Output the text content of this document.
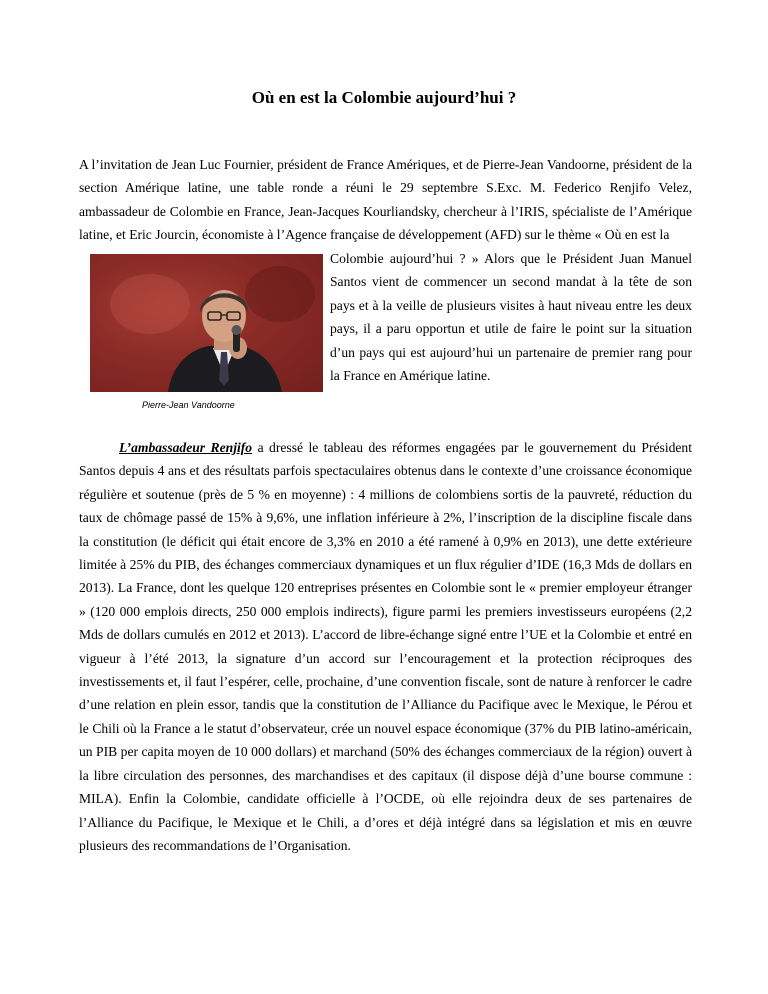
Où en est la Colombie aujourd’hui ?

A l’invitation de Jean Luc Fournier, président de France Amériques, et de Pierre-Jean Vandoorne, président de la section Amérique latine, une table ronde a réuni le 29 septembre S.Exc. M. Federico Renjifo Velez, ambassadeur de Colombie en France, Jean-Jacques Kourliandsky, chercheur à l’IRIS, spécialiste de l’Amérique latine, et Eric Jourcin, économiste à l’Agence française de développement (AFD) sur le thème « Où en est la

Colombie aujourd’hui ? » Alors que le Président Juan Manuel Santos vient de commencer un second mandat à la tête de son pays et à la veille de plusieurs visites à haut niveau entre les deux pays, il a paru opportun et utile de faire le point sur la situation d’un pays qui est aujourd’hui un partenaire de premier rang pour la France en Amérique latine.

Pierre-Jean Vandoorne

L’ambassadeur Renjifo a dressé le tableau des réformes engagées par le gouvernement du Président Santos depuis 4 ans et des résultats parfois spectaculaires obtenus dans le contexte d’une croissance économique régulière et soutenue (près de 5 % en moyenne) : 4 millions de colombiens sortis de la pauvreté, réduction du taux de chômage passé de 15% à 9,6%, une inflation inférieure à 2%, l’inscription de la discipline fiscale dans la constitution (le déficit qui était encore de 3,3% en 2010 a été ramené à 0,9% en 2013), une dette extérieure limitée à 25% du PIB, des échanges commerciaux dynamiques et un flux régulier d’IDE (16,3 Mds de dollars en 2013). La France, dont les quelque 120 entreprises présentes en Colombie sont le « premier employeur étranger » (120 000 emplois directs, 250 000 emplois indirects), figure parmi les premiers investisseurs européens (2,2 Mds de dollars cumulés en 2012 et 2013). L’accord de libre-échange signé entre l’UE et la Colombie et entré en vigueur à l’été 2013, la signature d’un accord sur l’encouragement et la protection réciproques des investissements et, il faut l’espérer, celle, prochaine, d’une convention fiscale, sont de nature à renforcer le cadre d’une relation en plein essor, tandis que la constitution de l’Alliance du Pacifique avec le Mexique, le Pérou et le Chili où la France a le statut d’observateur, crée un nouvel espace économique (37% du PIB latino-américain, un PIB per capita moyen de 10 000 dollars) et marchand (50% des échanges commerciaux de la région) ouvert à la libre circulation des personnes, des marchandises et des capitaux (il dispose déjà d’une bourse commune : MILA). Enfin la Colombie, candidate officielle à l’OCDE, où elle rejoindra deux de ses partenaires de l’Alliance du Pacifique, le Mexique et le Chili, a d’ores et déjà intégré dans sa législation et mis en œuvre plusieurs des recommandations de l’Organisation.
